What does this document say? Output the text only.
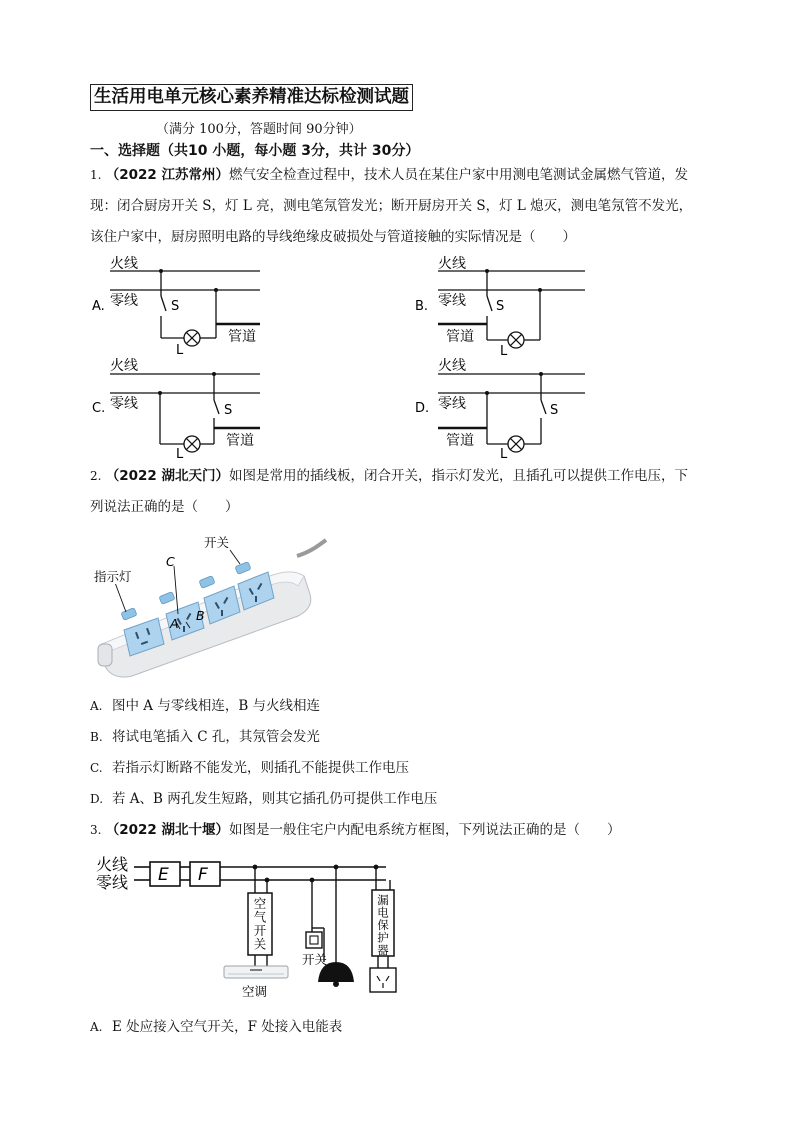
生活用电单元核心素养精准达标检测试题
（满分 100分，答题时间 90分钟）
一、选择题（共10 小题，每小题 3分，共计 30分）
1. （2022 江苏常州）燃气安全检查过程中，技术人员在某住户家中用测电笔测试金属燃气管道，发
现：闭合厨房开关 S，灯 L 亮，测电笔氖管发光；断开厨房开关 S，灯 L 熄灭，测电笔氖管不发光，
该住户家中，厨房照明电路的导线绝缘皮破损处与管道接触的实际情况是（　　）
A.
火线
零线	S
L
管道
B.
火线
零线 S
L
管道
C.
火线
零线
L
S
管道
D.
火线
零线
L
S
管道
2. （2022 湖北天门）如图是常用的插线板，闭合开关，指示灯发光，且插孔可以提供工作电压，下
列说法正确的是（　　）
开关
指示灯
C
A
B
A. 图中 A 与零线相连，B 与火线相连
B. 将试电笔插入 C 孔，其氖管会发光
C. 若指示灯断路不能发光，则插孔不能提供工作电压
D. 若 A、B 两孔发生短路，则其它插孔仍可提供工作电压
3. （2022 湖北十堰）如图是一般住宅户内配电系统方框图，下列说法正确的是（　　）
火线
零线 E F
空气开关
空调
开关
漏电保护器
A. E 处应接入空气开关，F 处接入电能表
